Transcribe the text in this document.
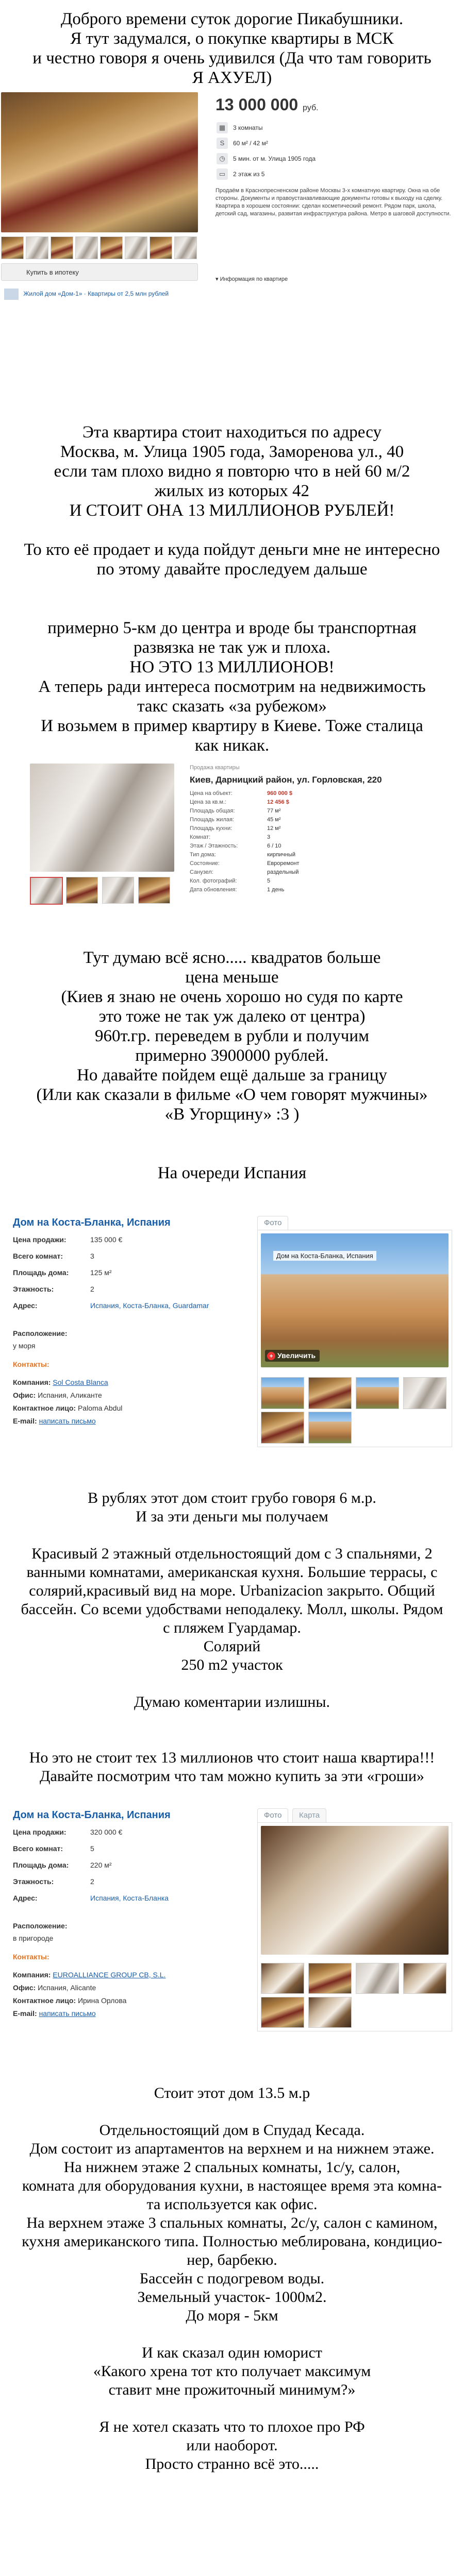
Доброго времени суток дорогие Пикабушники.

Я тут задумался, о покупке квартиры в МСК

и честно говоря я очень удивился (Да что там говорить

Я АХУЕЛ)

Купить в ипотеку
Жилой дом «Дом-1» · Квартиры от 2,5 млн рублей
13 000 000 руб.
▦	3 комнаты
S	60 м² / 42 м²
◷	5 мин. от м. Улица 1905 года
▭	2 этаж из 5
Продаём в Краснопресненском районе Москвы 3-х комнатную квартиру. Окна на обе стороны. Документы и правоустанавливающие документы готовы к выходу на сделку. Квартира в хорошем состоянии: сделан косметический ремонт. Рядом парк, школа, детский сад, магазины, развитая инфраструктура района. Метро в шаговой доступности.
▾ Информация по квартире

Эта квартира стоит находиться по адресу

Москва, м. Улица 1905 года, Заморенова ул., 40

если там плохо видно я повторю что в ней 60 м/2

жилых из которых 42

И СТОИТ ОНА 13 МИЛЛИОНОВ РУБЛЕЙ!

То кто её продает и куда пойдут деньги мне не интересно

по этому давайте проследуем дальше

примерно 5-км до центра и вроде бы транспортная

развязка не так уж и плоха.

НО ЭТО 13 МИЛЛИОНОВ!

А теперь ради интереса посмотрим на недвижимость

такс сказать «за рубежом»

И возьмем в пример квартиру в Киеве. Тоже сталица

как никак.

Продажа квартиры
Киев, Дарницкий район, ул. Горловская, 220
Цена на объект:	960 000 $
Цена за кв.м.:	12 456 $
Площадь общая:	77 м²
Площадь жилая:	45 м²
Площадь кухни:	12 м²
Комнат:	3
Этаж / Этажность:	6 / 10
Тип дома:	кирпичный
Состояние:	Евроремонт
Санузел:	раздельный
Кол. фотографий:	5
Дата обновления:	1 день

Тут думаю всё ясно..... квадратов больше

цена меньше

(Киев я знаю не очень хорошо но судя по карте

это тоже не так уж далеко от центра)

960т.гр. переведем в рубли и получим

примерно 3900000 рублей.

Но давайте пойдем ещё дальше за границу

(Или как сказали в фильме «О чем говорят мужчины»

«В Угорщину» :3 )

На очереди Испания

Дом на Коста-Бланка, Испания
Цена продажи:	135 000 €
Всего комнат:	3
Площадь дома:	125 м²
Этажность:	2
Адрес:	Испания, Коста-Бланка, Guardamar
Расположение:
у моря
Контакты:
Компания: Sol Costa Blanca
Офис: Испания, Аликанте
Контактное лицо: Paloma Abdul
E-mail: написать письмо
Фото
Дом на Коста-Бланка, Испания
+ Увеличить

В рублях этот дом стоит грубо говоря 6 м.р.

И за эти деньги мы получаем

Красивый 2 этажный отдельностоящий дом с 3 спальнями, 2

ванными комнатами, американская кухня. Большие террасы, с

солярий,красивый вид на море. Urbanizacion закрыто. Общий

бассейн. Со всеми удобствами неподалеку. Молл, школы. Рядом

с пляжем Гуардамар.

Солярий

250 m2 участок

Думаю коментарии излишны.

Но это не стоит тех 13 миллионов что стоит наша квартира!!!

Давайте посмотрим что там можно купить за эти «гроши»

Дом на Коста-Бланка, Испания
Цена продажи:	320 000 €
Всего комнат:	5
Площадь дома:	220 м²
Этажность:	2
Адрес:	Испания, Коста-Бланка
Расположение:
в пригороде
Контакты:
Компания: EUROALLIANCE GROUP CB, S.L.
Офис: Испания, Alicante
Контактное лицо: Ирина Орлова
E-mail: написать письмо
Фото	Карта

Стоит этот дом 13.5 м.р

Отдельностоящий дом в Спудад Кесада.

Дом состоит из апартаментов на верхнем и на нижнем этаже.

На нижнем этаже 2 спальных комнаты, 1с/у, салон,

комната для оборудования кухни, в настоящее время эта комна-

та используется как офис.

На верхнем этаже 3 спальных комнаты, 2с/у, салон с камином,

кухня американского типа. Полностью меблирована, кондицио-

нер, барбекю.

Бассейн с подогревом воды.

Земельный участок- 1000м2.

До моря - 5км

И как сказал один юморист

«Какого хрена тот кто получает максимум

ставит мне прожиточный минимум?»

Я не хотел сказать что то плохое про РФ

или наоборот.

Просто странно всё это.....
